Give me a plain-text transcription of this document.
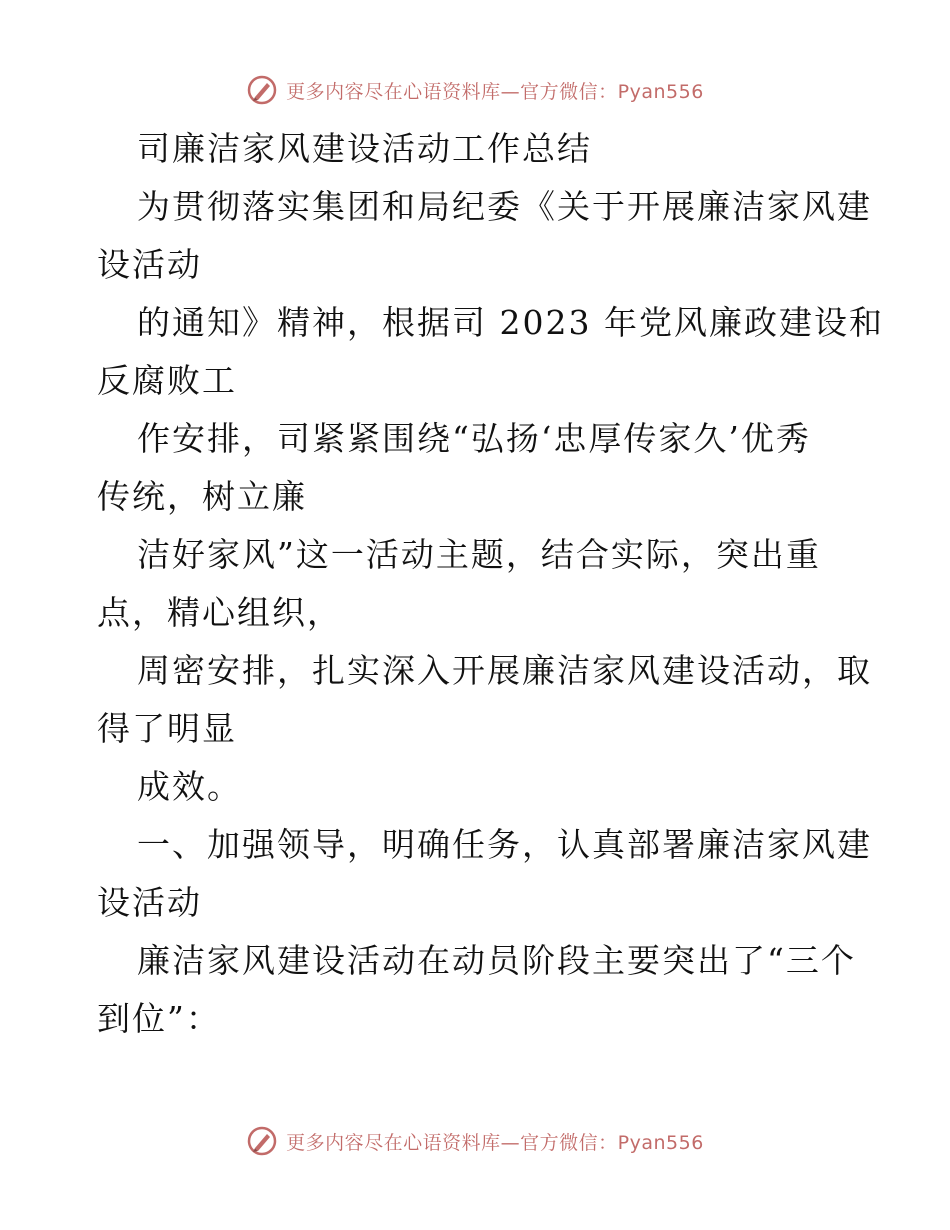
更多内容尽在心语资料库—官方微信：Pyan556
司廉洁家风建设活动工作总结
为贯彻落实集团和局纪委《关于开展廉洁家风建
设活动
的通知》精神，根据司 2023 年党风廉政建设和
反腐败工
作安排，司紧紧围绕“弘扬‘忠厚传家久’优秀
传统，树立廉
洁好家风”这一活动主题，结合实际，突出重
点，精心组织，
周密安排，扎实深入开展廉洁家风建设活动，取
得了明显
成效。
一、加强领导，明确任务，认真部署廉洁家风建
设活动
廉洁家风建设活动在动员阶段主要突出了“三个
到位”：
更多内容尽在心语资料库—官方微信：Pyan556
